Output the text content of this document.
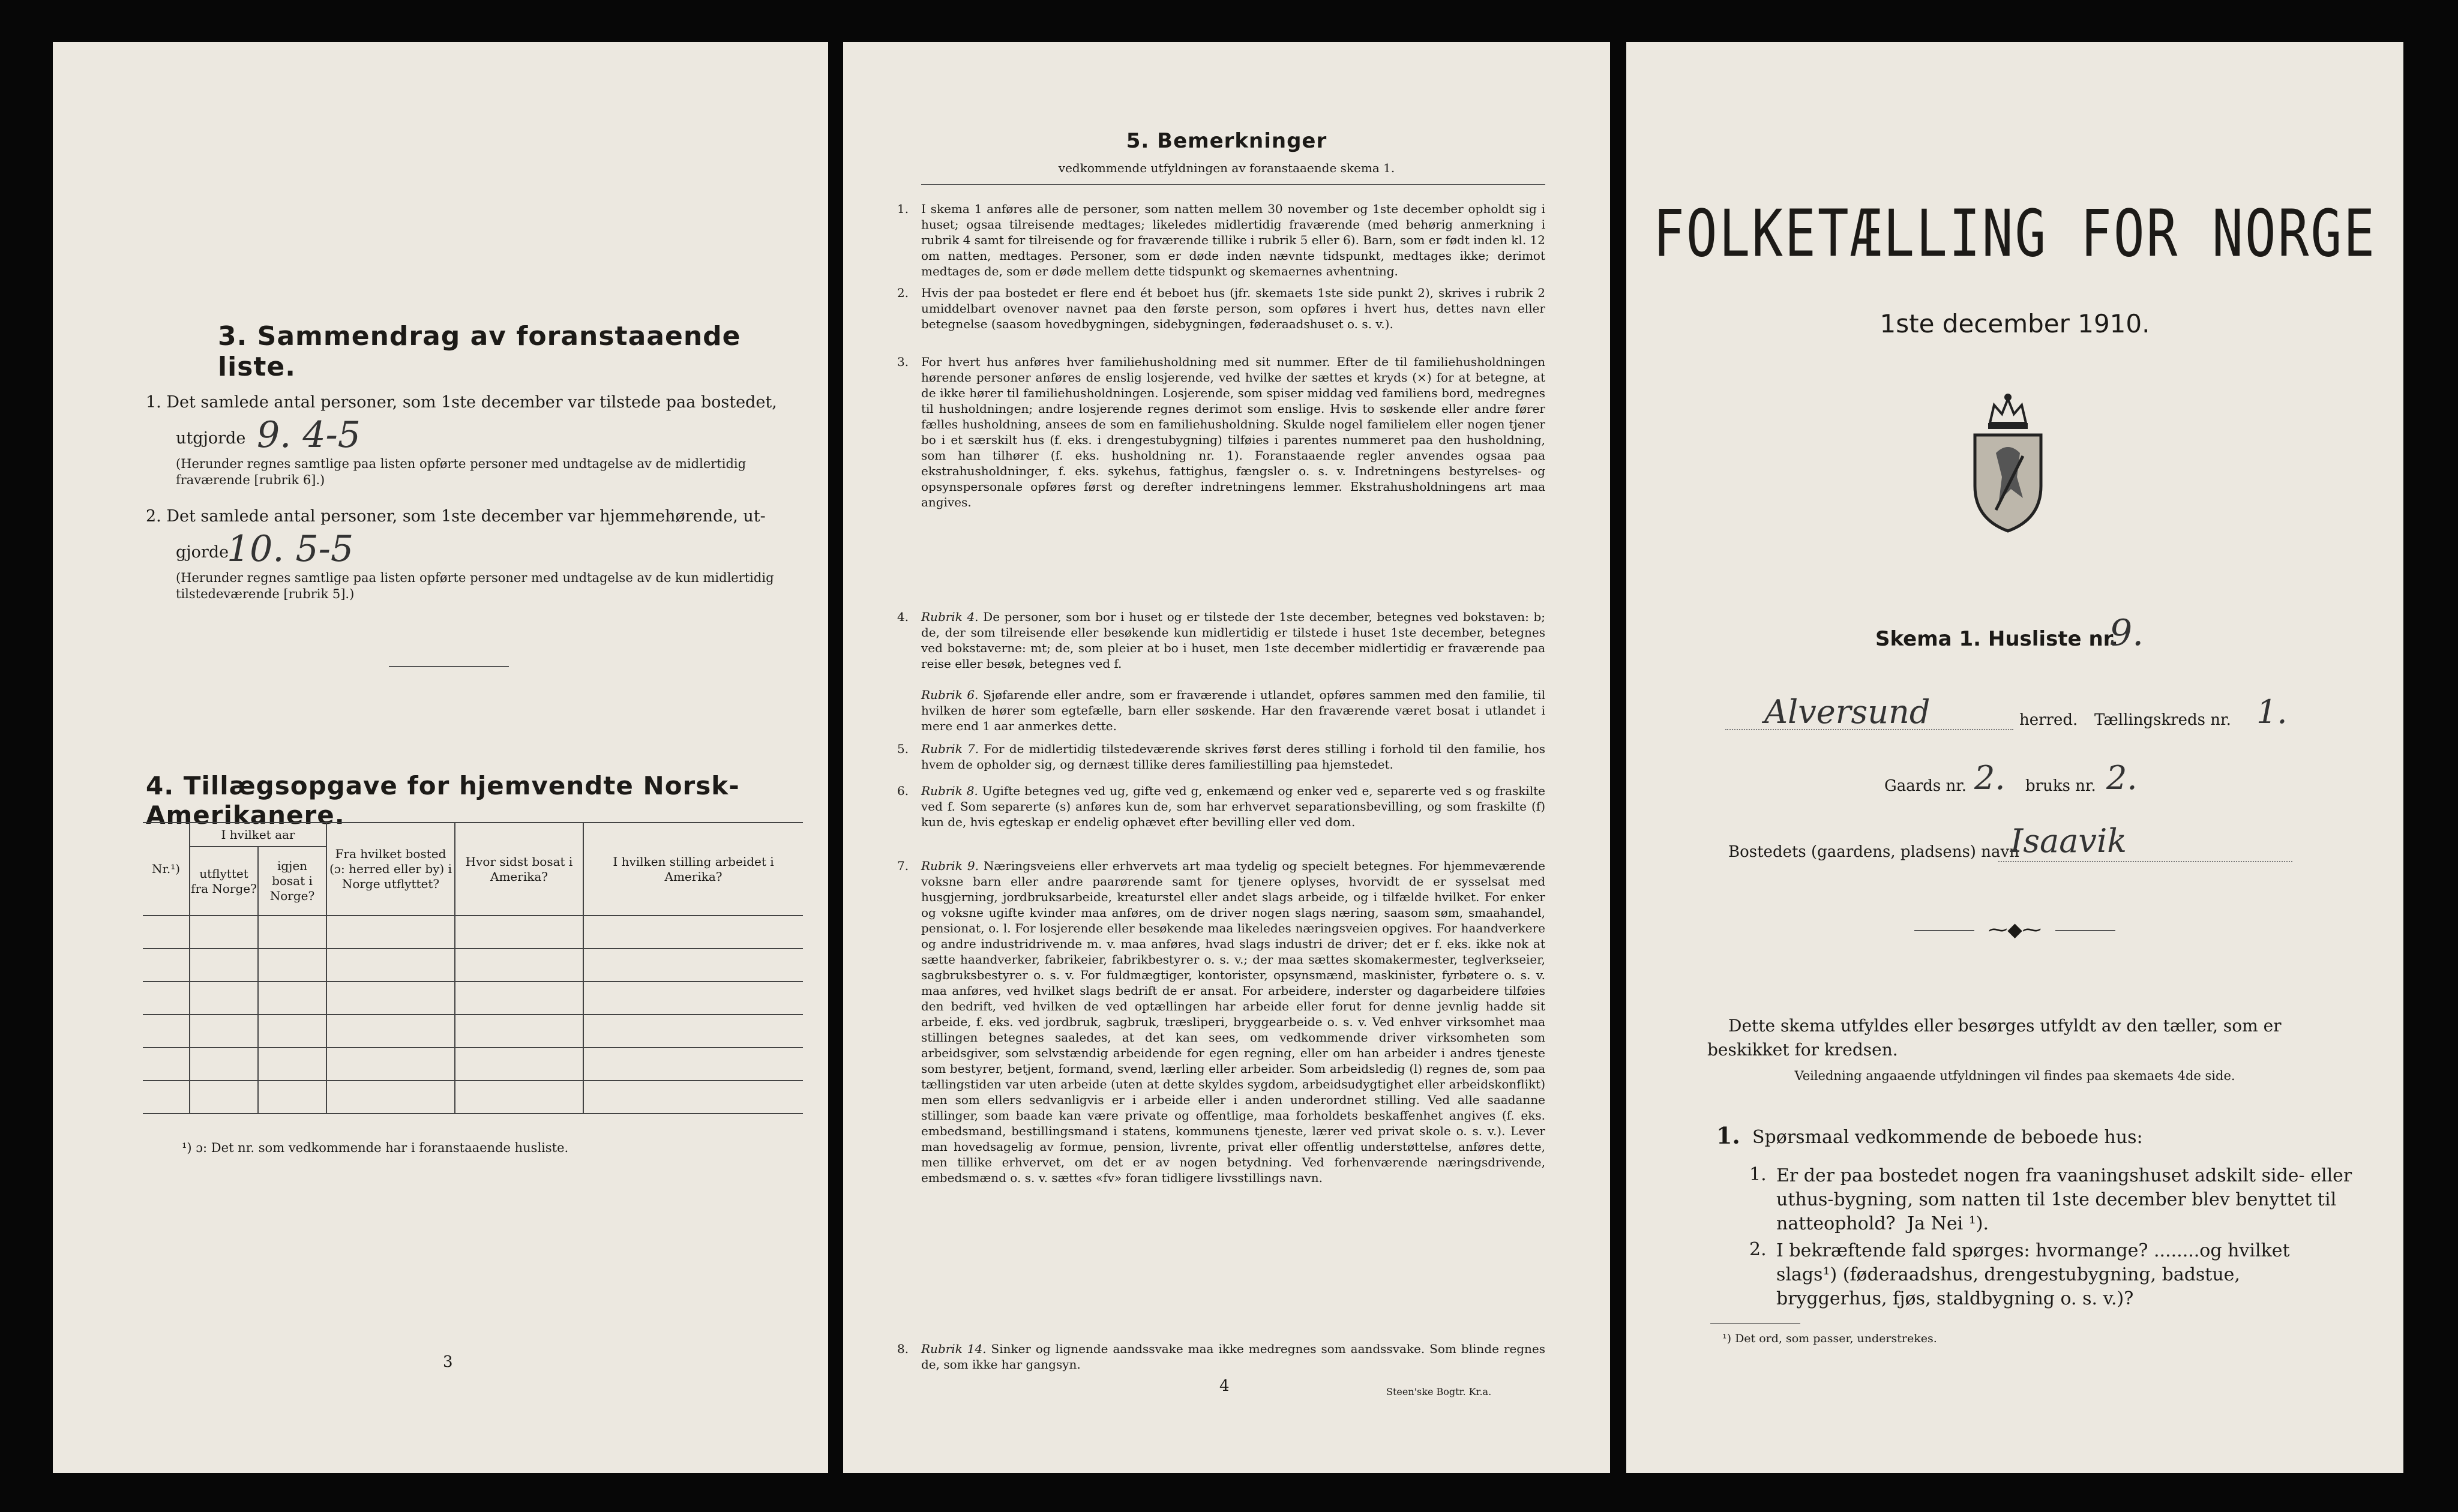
3. Sammendrag av foranstaaende liste.
1. Det samlede antal personer, som 1ste december var tilstede paa bostedet,
utgjorde 9. 4-5
(Herunder regnes samtlige paa listen opførte personer med undtagelse av de midlertidig fraværende [rubrik 6].)
2. Det samlede antal personer, som 1ste december var hjemmehørende, ut-
gjorde
10. 5-5
(Herunder regnes samtlige paa listen opførte personer med undtagelse av de kun midlertidig tilstedeværende [rubrik 5].)
4. Tillægsopgave for hjemvendte Norsk-Amerikanere.
Nr.¹)	I hvilket aar		Fra hvilket bosted (ɔ: herred eller by) i Norge utflyttet?	Hvor sidst bosat i Amerika?	I hvilken stilling arbeidet i Amerika?
	utflyttet fra Norge?	igjen bosat i Norge?			

¹) ɔ: Det nr. som vedkommende har i foranstaaende husliste.
3
5. Bemerkninger
vedkommende utfyldningen av foranstaaende skema 1.
1. I skema 1 anføres alle de personer, som natten mellem 30 november og 1ste december opholdt sig i huset; ogsaa tilreisende medtages; likeledes midlertidig fraværende (med behørig anmerkning i rubrik 4 samt for tilreisende og for fraværende tillike i rubrik 5 eller 6). Barn, som er født inden kl. 12 om natten, medtages. Personer, som er døde inden nævnte tidspunkt, medtages ikke; derimot medtages de, som er døde mellem dette tidspunkt og skemaernes avhentning.
2. Hvis der paa bostedet er flere end ét beboet hus (jfr. skemaets 1ste side punkt 2), skrives i rubrik 2 umiddelbart ovenover navnet paa den første person, som opføres i hvert hus, dettes navn eller betegnelse (saasom hovedbygningen, sidebygningen, føderaadshuset o. s. v.).
3. For hvert hus anføres hver familiehusholdning med sit nummer. Efter de til familiehusholdningen hørende personer anføres de enslig losjerende, ved hvilke der sættes et kryds (×) for at betegne, at de ikke hører til familiehusholdningen. Losjerende, som spiser middag ved familiens bord, medregnes til husholdningen; andre losjerende regnes derimot som enslige. Hvis to søskende eller andre fører fælles husholdning, ansees de som en familiehusholdning. Skulde nogel familielem eller nogen tjener bo i et særskilt hus (f. eks. i drengestubygning) tilføies i parentes nummeret paa den husholdning, som han tilhører (f. eks. husholdning nr. 1). Foranstaaende regler anvendes ogsaa paa ekstrahusholdninger, f. eks. sykehus, fattighus, fængsler o. s. v. Indretningens bestyrelses- og opsynspersonale opføres først og derefter indretningens lemmer. Ekstrahusholdningens art maa angives.
4. Rubrik 4. De personer, som bor i huset og er tilstede der 1ste december, betegnes ved bokstaven: b; de, der som tilreisende eller besøkende kun midlertidig er tilstede i huset 1ste december, betegnes ved bokstaverne: mt; de, som pleier at bo i huset, men 1ste december midlertidig er fraværende paa reise eller besøk, betegnes ved f.
Rubrik 6. Sjøfarende eller andre, som er fraværende i utlandet, opføres sammen med den familie, til hvilken de hører som egtefælle, barn eller søskende. Har den fraværende været bosat i utlandet i mere end 1 aar anmerkes dette.
5. Rubrik 7. For de midlertidig tilstedeværende skrives først deres stilling i forhold til den familie, hos hvem de opholder sig, og dernæst tillike deres familiestilling paa hjemstedet.
6. Rubrik 8. Ugifte betegnes ved ug, gifte ved g, enkemænd og enker ved e, separerte ved s og fraskilte ved f. Som separerte (s) anføres kun de, som har erhvervet separationsbevilling, og som fraskilte (f) kun de, hvis egteskap er endelig ophævet efter bevilling eller ved dom.
7. Rubrik 9. Næringsveiens eller erhvervets art maa tydelig og specielt betegnes. For hjemmeværende voksne barn eller andre paarørende samt for tjenere oplyses, hvorvidt de er sysselsat med husgjerning, jordbruksarbeide, kreaturstel eller andet slags arbeide, og i tilfælde hvilket. For enker og voksne ugifte kvinder maa anføres, om de driver nogen slags næring, saasom søm, smaahandel, pensionat, o. l. For losjerende eller besøkende maa likeledes næringsveien opgives. For haandverkere og andre industridrivende m. v. maa anføres, hvad slags industri de driver; det er f. eks. ikke nok at sætte haandverker, fabrikeier, fabrikbestyrer o. s. v.; der maa sættes skomakermester, teglverkseier, sagbruksbestyrer o. s. v. For fuldmægtiger, kontorister, opsynsmænd, maskinister, fyrbøtere o. s. v. maa anføres, ved hvilket slags bedrift de er ansat. For arbeidere, inderster og dagarbeidere tilføies den bedrift, ved hvilken de ved optællingen har arbeide eller forut for denne jevnlig hadde sit arbeide, f. eks. ved jordbruk, sagbruk, træsliperi, bryggearbeide o. s. v. Ved enhver virksomhet maa stillingen betegnes saaledes, at det kan sees, om vedkommende driver virksomheten som arbeidsgiver, som selvstændig arbeidende for egen regning, eller om han arbeider i andres tjeneste som bestyrer, betjent, formand, svend, lærling eller arbeider. Som arbeidsledig (l) regnes de, som paa tællingstiden var uten arbeide (uten at dette skyldes sygdom, arbeidsudygtighet eller arbeidskonflikt) men som ellers sedvanligvis er i arbeide eller i anden underordnet stilling. Ved alle saadanne stillinger, som baade kan være private og offentlige, maa forholdets beskaffenhet angives (f. eks. embedsmand, bestillingsmand i statens, kommunens tjeneste, lærer ved privat skole o. s. v.). Lever man hovedsagelig av formue, pension, livrente, privat eller offentlig understøttelse, anføres dette, men tillike erhvervet, om det er av nogen betydning. Ved forhenværende næringsdrivende, embedsmænd o. s. v. sættes «fv» foran tidligere livsstillings navn.
8. Rubrik 14. Sinker og lignende aandssvake maa ikke medregnes som aandssvake. Som blinde regnes de, som ikke har gangsyn.
4	Steen'ske Bogtr. Kr.a.
FOLKETÆLLING FOR NORGE
1ste december 1910.
Skema 1. Husliste nr.
9.
Alversund	herred. Tællingskreds nr. 1.
Gaards nr. 2. bruks nr. 2.
Bostedets (gaardens, pladsens) navn
Isaavik
⁓◆⁓
Dette skema utfyldes eller besørges utfyldt av den tæller, som er beskikket for kredsen.
Veiledning angaaende utfyldningen vil findes paa skemaets 4de side.
1. Spørsmaal vedkommende de beboede hus:
1. Er der paa bostedet nogen fra vaaningshuset adskilt side- eller uthus-bygning, som natten til 1ste december blev benyttet til natteophold? Ja Nei ¹).
2. I bekræftende fald spørges: hvormange? ........og hvilket slags¹) (føderaadshus, drengestubygning, badstue, bryggerhus, fjøs, staldbygning o. s. v.)?
¹) Det ord, som passer, understrekes.
